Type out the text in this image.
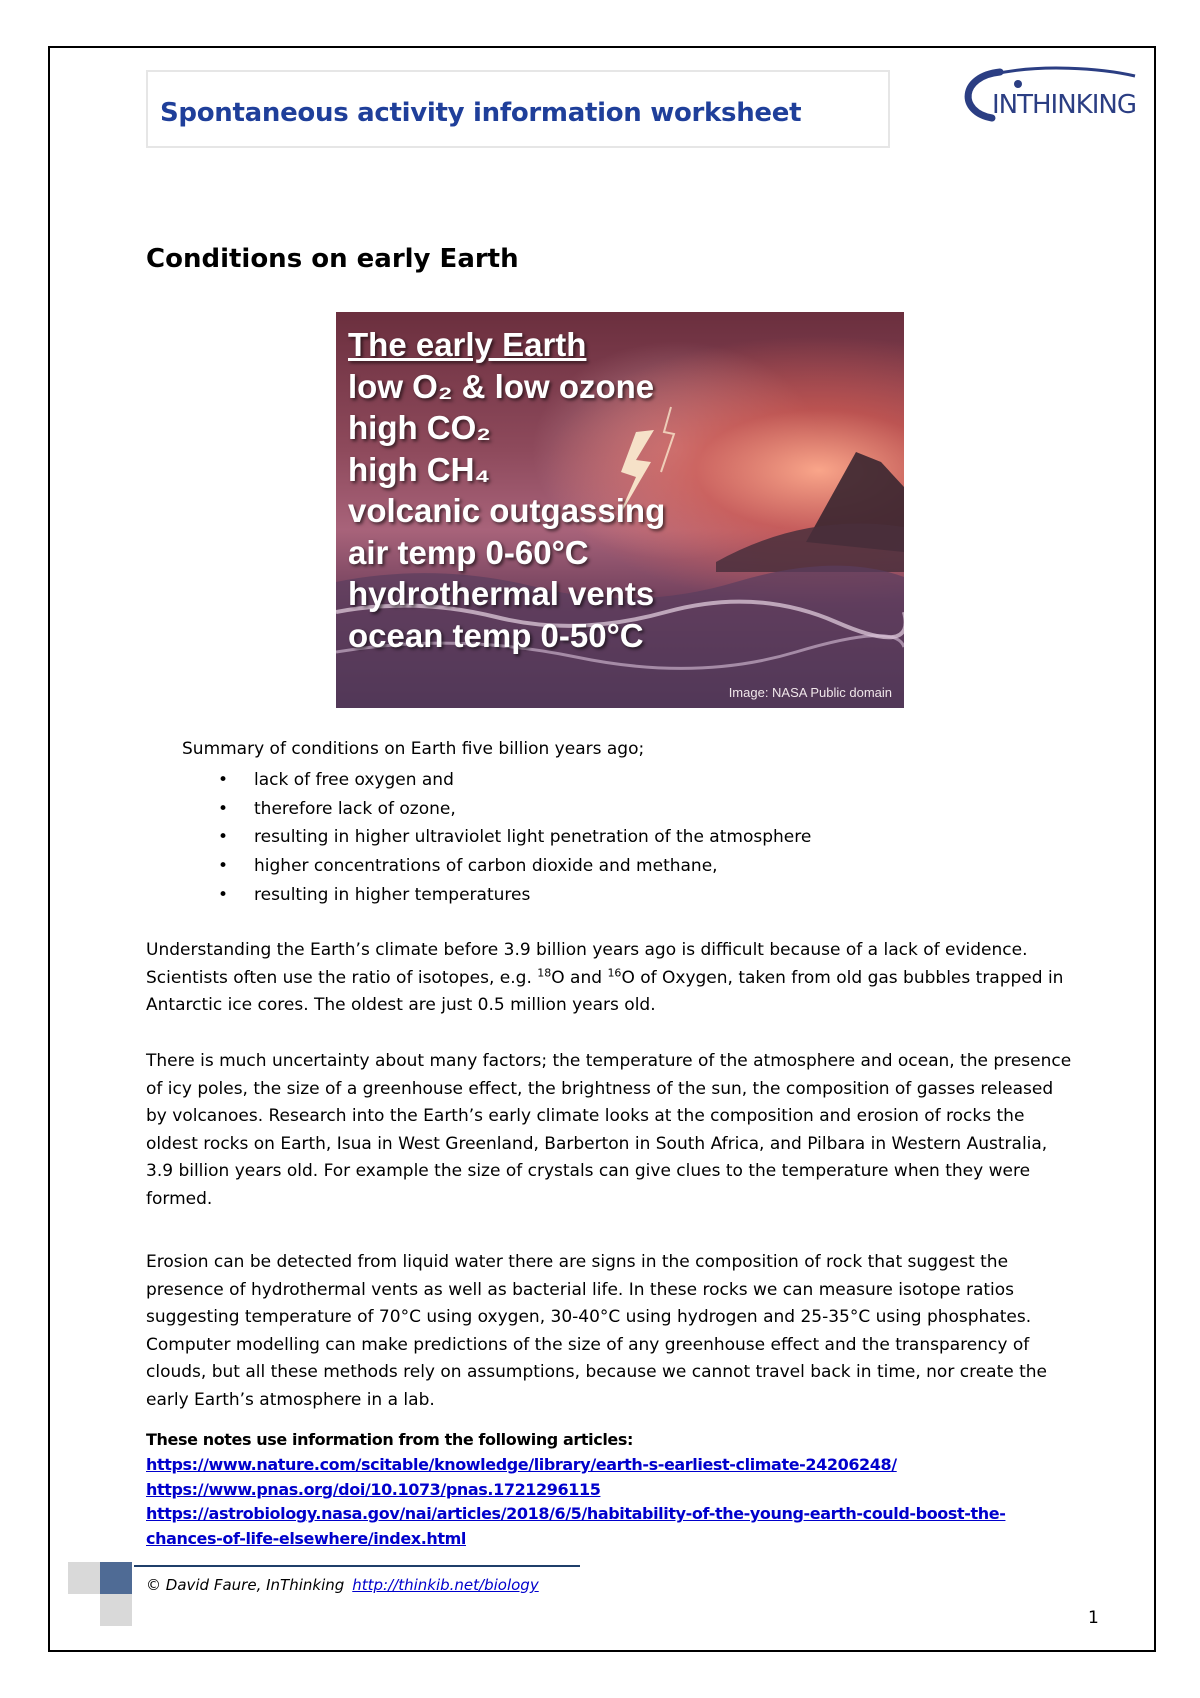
Spontaneous activity information worksheet	INTHINKING
Conditions on early Earth
The early Earth
low O₂ & low ozone
high CO₂
high CH₄
volcanic outgassing
air temp 0-60°C
hydrothermal vents
ocean temp 0-50°C
Image: NASA Public domain
Summary of conditions on Earth five billion years ago;
• lack of free oxygen and
• therefore lack of ozone,
• resulting in higher ultraviolet light penetration of the atmosphere
• higher concentrations of carbon dioxide and methane,
• resulting in higher temperatures
Understanding the Earth’s climate before 3.9 billion years ago is difficult because of a lack of evidence. Scientists often use the ratio of isotopes, e.g. $^{18}$O and $^{16}$O of Oxygen, taken from old gas bubbles trapped in Antarctic ice cores. The oldest are just 0.5 million years old.
There is much uncertainty about many factors; the temperature of the atmosphere and ocean, the presence of icy poles, the size of a greenhouse effect, the brightness of the sun, the composition of gasses released by volcanoes. Research into the Earth’s early climate looks at the composition and erosion of rocks the oldest rocks on Earth, Isua in West Greenland, Barberton in South Africa, and Pilbara in Western Australia, 3.9 billion years old. For example the size of crystals can give clues to the temperature when they were formed.
Erosion can be detected from liquid water there are signs in the composition of rock that suggest the presence of hydrothermal vents as well as bacterial life. In these rocks we can measure isotope ratios suggesting temperature of 70°C using oxygen, 30-40°C using hydrogen and 25-35°C using phosphates. Computer modelling can make predictions of the size of any greenhouse effect and the transparency of clouds, but all these methods rely on assumptions, because we cannot travel back in time, nor create the early Earth’s atmosphere in a lab.
These notes use information from the following articles:
https://www.nature.com/scitable/knowledge/library/earth-s-earliest-climate-24206248/
https://www.pnas.org/doi/10.1073/pnas.1721296115
https://astrobiology.nasa.gov/nai/articles/2018/6/5/habitability-of-the-young-earth-could-boost-the-chances-of-life-elsewhere/index.html
© David Faure, InThinking http://thinkib.net/biology
1
